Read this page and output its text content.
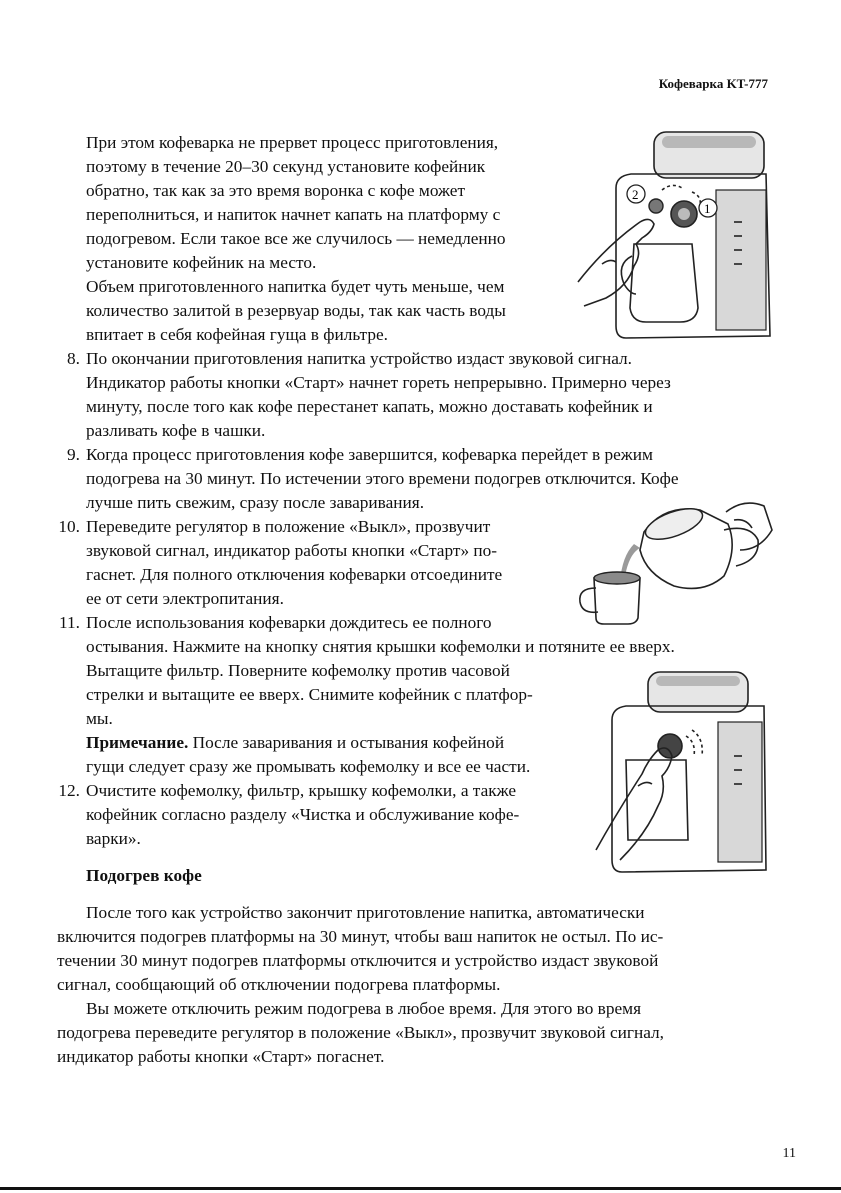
Кофеварка KT-777
При этом кофеварка не прервет процесс приготовления,
поэтому в течение 20–30 секунд установите кофейник
обратно, так как за это время воронка с кофе может
переполниться, и напиток начнет капать на платформу с
подогревом. Если такое все же случилось — немедленно
установите кофейник на место.
Объем приготовленного напитка будет чуть меньше, чем
количество залитой в резервуар воды, так как часть воды
впитает в себя кофейная гуща в фильтре.
8. По окончании приготовления напитка устройство издаст звуковой сигнал.
Индикатор работы кнопки «Старт» начнет гореть непрерывно. Примерно через
минуту, после того как кофе перестанет капать, можно доставать кофейник и
разливать кофе в чашки.
9. Когда процесс приготовления кофе завершится, кофеварка перейдет в режим
подогрева на 30 минут. По истечении этого времени подогрев отключится. Кофе
лучше пить свежим, сразу после заваривания.
10. Переведите регулятор в положение «Выкл», прозвучит
звуковой сигнал, индикатор работы кнопки «Старт» по-
гаснет. Для полного отключения кофеварки отсоедините
ее от сети электропитания.
11. После использования кофеварки дождитесь ее полного
остывания. Нажмите на кнопку снятия крышки кофемолки и потяните ее вверх.
Вытащите фильтр. Поверните кофемолку против часовой
стрелки и вытащите ее вверх. Снимите кофейник с платфор-
мы.
Примечание. После заваривания и остывания кофейной
гущи следует сразу же промывать кофемолку и все ее части.
12. Очистите кофемолку, фильтр, крышку кофемолки, а также
кофейник согласно разделу «Чистка и обслуживание кофе-
варки».
Подогрев кофе
После того как устройство закончит приготовление напитка, автоматически
включится подогрев платформы на 30 минут, чтобы ваш напиток не остыл. По ис-
течении 30 минут подогрев платформы отключится и устройство издаст звуковой
сигнал, сообщающий об отключении подогрева платформы.
Вы можете отключить режим подогрева в любое время. Для этого во время
подогрева переведите регулятор в положение «Выкл», прозвучит звуковой сигнал,
индикатор работы кнопки «Старт» погаснет.
2
1
11
